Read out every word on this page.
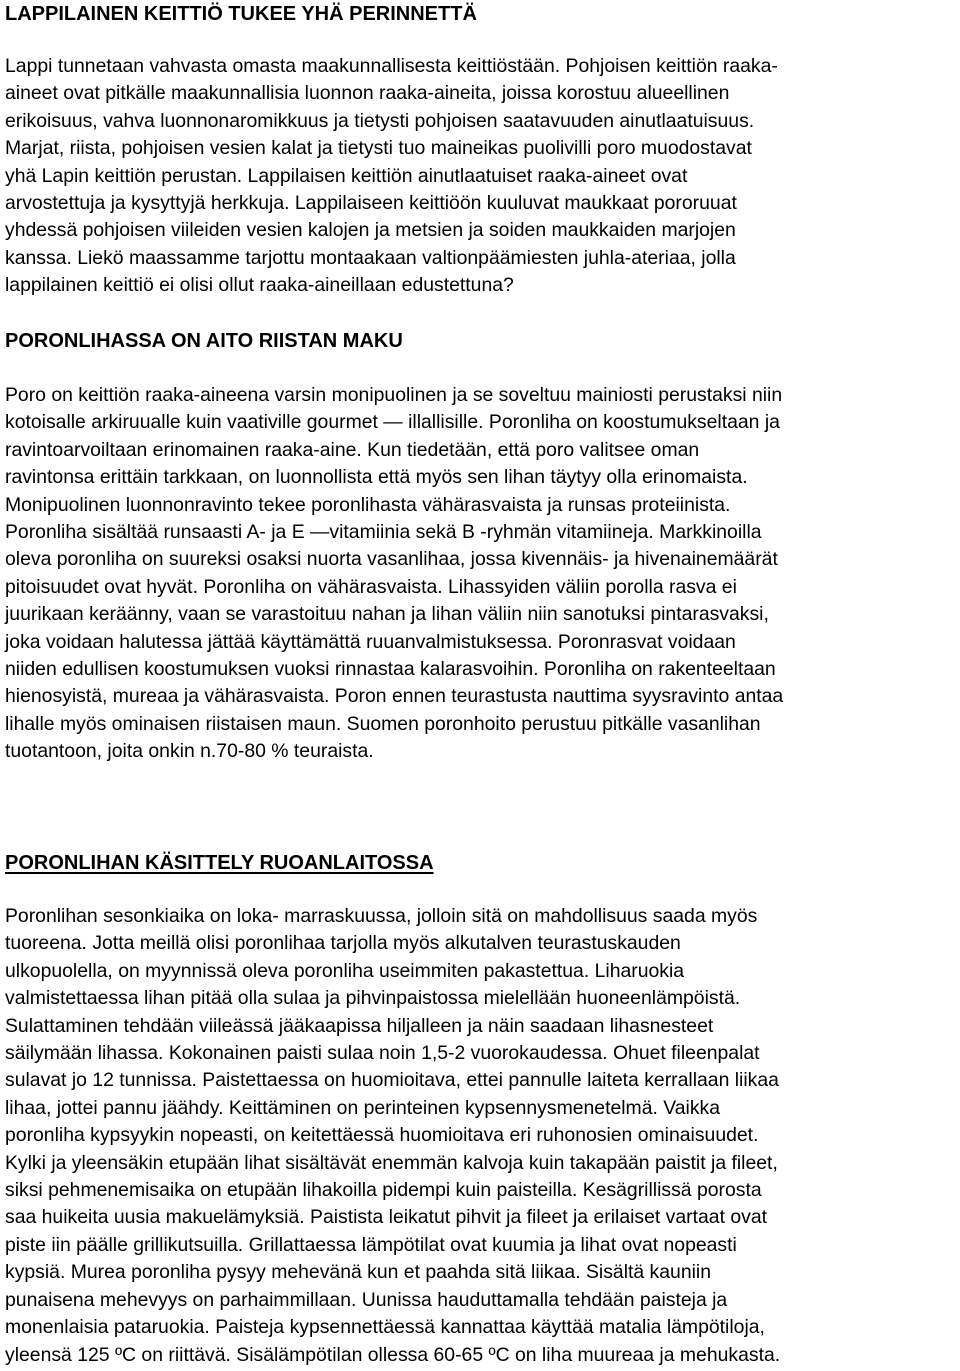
LAPPILAINEN KEITTIÖ TUKEE YHÄ PERINNETTÄ

Lappi tunnetaan vahvasta omasta maakunnallisesta keittiöstään. Pohjoisen keittiön raaka-
aineet ovat pitkälle maakunnallisia luonnon raaka-aineita, joissa korostuu alueellinen
erikoisuus, vahva luonnonaromikkuus ja tietysti pohjoisen saatavuuden ainutlaatuisuus.
Marjat, riista, pohjoisen vesien kalat ja tietysti tuo maineikas puolivilli poro muodostavat
yhä Lapin keittiön perustan. Lappilaisen keittiön ainutlaatuiset raaka-aineet ovat
arvostettuja ja kysyttyjä herkkuja. Lappilaiseen keittiöön kuuluvat maukkaat pororuuat
yhdessä pohjoisen viileiden vesien kalojen ja metsien ja soiden maukkaiden marjojen
kanssa. Liekö maassamme tarjottu montaakaan valtionpäämiesten juhla-ateriaa, jolla
lappilainen keittiö ei olisi ollut raaka-aineillaan edustettuna?

PORONLIHASSA ON AITO RIISTAN MAKU

Poro on keittiön raaka-aineena varsin monipuolinen ja se soveltuu mainiosti perustaksi niin
kotoisalle arkiruualle kuin vaativille gourmet — illallisille. Poronliha on koostumukseltaan ja
ravintoarvoiltaan erinomainen raaka-aine. Kun tiedetään, että poro valitsee oman
ravintonsa erittäin tarkkaan, on luonnollista että myös sen lihan täytyy olla erinomaista.
Monipuolinen luonnonravinto tekee poronlihasta vähärasvaista ja runsas proteiinista.
Poronliha sisältää runsaasti A- ja E —vitamiinia sekä B -ryhmän vitamiineja. Markkinoilla
oleva poronliha on suureksi osaksi nuorta vasanlihaa, jossa kivennäis- ja hivenainemäärät
pitoisuudet ovat hyvät. Poronliha on vähärasvaista. Lihassyiden väliin porolla rasva ei
juurikaan keräänny, vaan se varastoituu nahan ja lihan väliin niin sanotuksi pintarasvaksi,
joka voidaan halutessa jättää käyttämättä ruuanvalmistuksessa. Poronrasvat voidaan
niiden edullisen koostumuksen vuoksi rinnastaa kalarasvoihin. Poronliha on rakenteeltaan
hienosyistä, mureaa ja vähärasvaista. Poron ennen teurastusta nauttima syysravinto antaa
lihalle myös ominaisen riistaisen maun. Suomen poronhoito perustuu pitkälle vasanlihan
tuotantoon, joita onkin n.70-80 % teuraista.

PORONLIHAN KÄSITTELY RUOANLAITOSSA

Poronlihan sesonkiaika on loka- marraskuussa, jolloin sitä on mahdollisuus saada myös
tuoreena. Jotta meillä olisi poronlihaa tarjolla myös alkutalven teurastuskauden
ulkopuolella, on myynnissä oleva poronliha useimmiten pakastettua. Liharuokia
valmistettaessa lihan pitää olla sulaa ja pihvinpaistossa mielellään huoneenlämpöistä.
Sulattaminen tehdään viileässä jääkaapissa hiljalleen ja näin saadaan lihasnesteet
säilymään lihassa. Kokonainen paisti sulaa noin 1,5-2 vuorokaudessa. Ohuet fileenpalat
sulavat jo 12 tunnissa. Paistettaessa on huomioitava, ettei pannulle laiteta kerrallaan liikaa
lihaa, jottei pannu jäähdy. Keittäminen on perinteinen kypsennysmenetelmä. Vaikka
poronliha kypsyykin nopeasti, on keitettäessä huomioitava eri ruhonosien ominaisuudet.
Kylki ja yleensäkin etupään lihat sisältävät enemmän kalvoja kuin takapään paistit ja fileet,
siksi pehmenemisaika on etupään lihakoilla pidempi kuin paisteilla. Kesägrillissä porosta
saa huikeita uusia makuelämyksiä. Paistista leikatut pihvit ja fileet ja erilaiset vartaat ovat
piste iin päälle grillikutsuilla. Grillattaessa lämpötilat ovat kuumia ja lihat ovat nopeasti
kypsiä. Murea poronliha pysyy mehevänä kun et paahda sitä liikaa. Sisältä kauniin
punaisena mehevyys on parhaimmillaan. Uunissa hauduttamalla tehdään paisteja ja
monenlaisia pataruokia. Paisteja kypsennettäessä kannattaa käyttää matalia lämpötiloja,
yleensä 125 ºC on riittävä. Sisälämpötilan ollessa 60-65 ºC on liha muureaa ja mehukasta.
